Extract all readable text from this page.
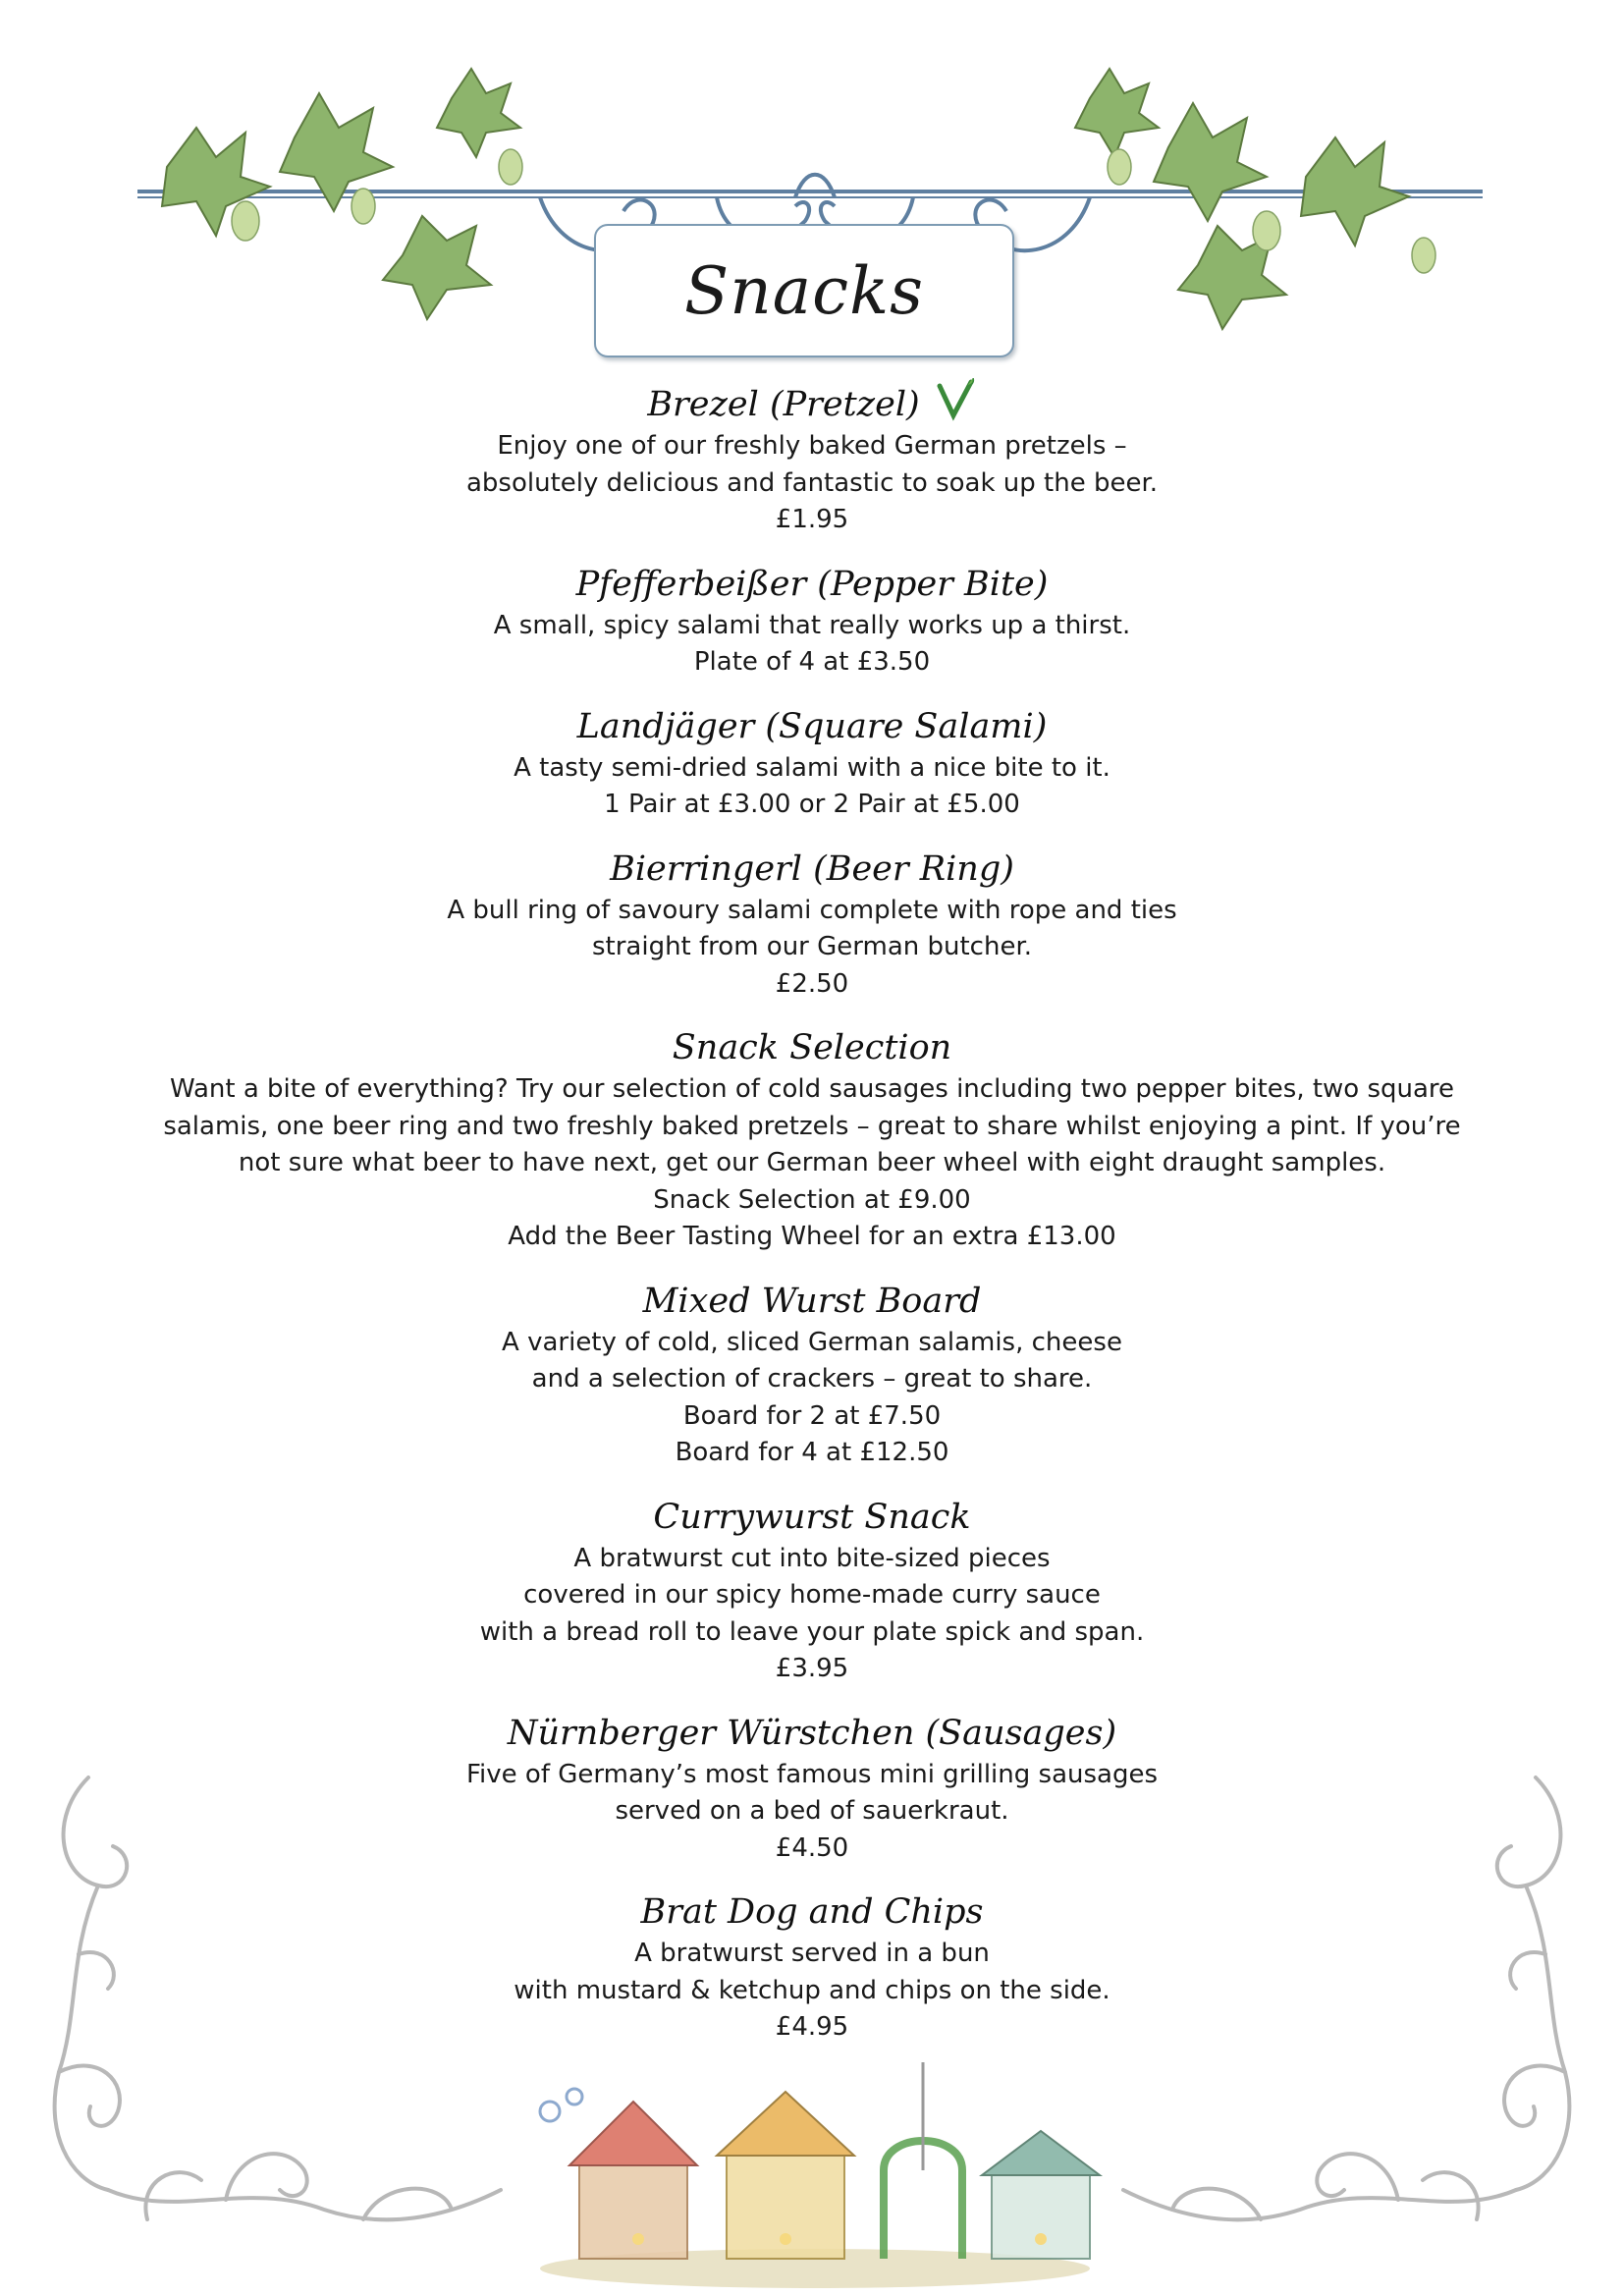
Snacks
Brezel (Pretzel)
Enjoy one of our freshly baked German pretzels –
absolutely delicious and fantastic to soak up the beer.
£1.95
Pfefferbeißer (Pepper Bite)
A small, spicy salami that really works up a thirst.
Plate of 4 at £3.50
Landjäger (Square Salami)
A tasty semi-dried salami with a nice bite to it.
1 Pair at £3.00 or 2 Pair at £5.00
Bierringerl (Beer Ring)
A bull ring of savoury salami complete with rope and ties
straight from our German butcher.
£2.50
Snack Selection
Want a bite of everything? Try our selection of cold sausages including two pepper bites, two square
salamis, one beer ring and two freshly baked pretzels – great to share whilst enjoying a pint. If you’re
not sure what beer to have next, get our German beer wheel with eight draught samples.
Snack Selection at £9.00
Add the Beer Tasting Wheel for an extra £13.00
Mixed Wurst Board
A variety of cold, sliced German salamis, cheese
and a selection of crackers – great to share.
Board for 2 at £7.50
Board for 4 at £12.50
Currywurst Snack
A bratwurst cut into bite-sized pieces
covered in our spicy home-made curry sauce
with a bread roll to leave your plate spick and span.
£3.95
Nürnberger Würstchen (Sausages)
Five of Germany’s most famous mini grilling sausages
served on a bed of sauerkraut.
£4.50
Brat Dog and Chips
A bratwurst served in a bun
with mustard & ketchup and chips on the side.
£4.95
